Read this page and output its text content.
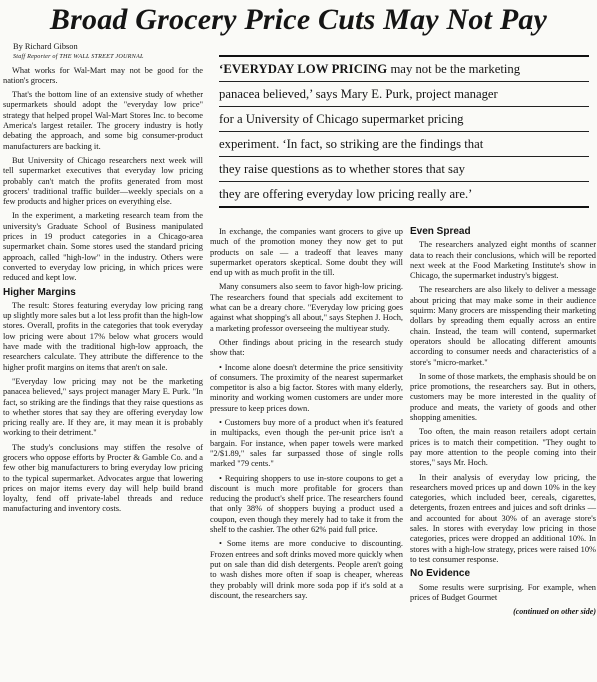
Broad Grocery Price Cuts May Not Pay
By Richard Gibson
Staff Reporter of THE WALL STREET JOURNAL

What works for Wal-Mart may not be good for the nation's grocers.

That's the bottom line of an extensive study of whether supermarkets should adopt the "everyday low price" strategy that helped propel Wal-Mart Stores Inc. to become America's largest retailer. The grocery industry is hotly debating the approach, and some big consumer-product manufacturers are backing it.

But University of Chicago researchers next week will tell supermarket executives that everyday low pricing probably can't match the profits generated from most grocers' traditional traffic builder—weekly specials on a few products and higher prices on everything else.

In the experiment, a marketing research team from the university's Graduate School of Business manipulated prices in 19 product categories in a Chicago-area supermarket chain. Some stores used the standard pricing approach, called "high-low" in the industry. Others were converted to everyday low pricing, in which prices were reduced and kept low.

Higher Margins

The result: Stores featuring everyday low pricing rang up slightly more sales but a lot less profit than the high-low stores. Overall, profits in the categories that took everyday low pricing were about 17% below what grocers would have made with the traditional high-low approach, the researchers calculate. They attribute the difference to the higher profit margins on items that aren't on sale.

"Everyday low pricing may not be the marketing panacea believed," says project manager Mary E. Purk. "In fact, so striking are the findings that they raise questions as to whether stores that say they are offering everyday low pricing really are. If they are, it may mean it is probably working to their detriment."

The study's conclusions may stiffen the resolve of grocers who oppose efforts by Procter & Gamble Co. and a few other big manufacturers to bring everyday low pricing to the typical supermarket. Advocates argue that lowering prices on major items every day will help build brand loyalty, fend off private-label threads and reduce manufacturing and inventory costs.

‘EVERYDAY LOW PRICING may not be the marketing
panacea believed,’ says Mary E. Purk, project manager
for a University of Chicago supermarket pricing
experiment. ‘In fact, so striking are the findings that
they raise questions as to whether stores that say
they are offering everyday low pricing really are.’

In exchange, the companies want grocers to give up much of the promotion money they now get to put products on sale — a tradeoff that leaves many supermarket operators skeptical. Some doubt they will end up with as much profit in the till.

Many consumers also seem to favor high-low pricing. The researchers found that specials add excitement to what can be a dreary chore. "Everyday low pricing goes against what shopping's all about," says Stephen J. Hoch, a marketing professor overseeing the multiyear study.

Other findings about pricing in the research study show that:

• Income alone doesn't determine the price sensitivity of consumers. The proximity of the nearest supermarket competitor is also a big factor. Stores with many elderly, minority and working women customers are under more pressure to keep prices down.

• Customers buy more of a product when it's featured in multipacks, even though the per-unit price isn't a bargain. For instance, when paper towels were marked "2/$1.89," sales far surpassed those of single rolls marked "79 cents."

• Requiring shoppers to use in-store coupons to get a discount is much more profitable for grocers than reducing the product's shelf price. The researchers found that only 38% of shoppers buying a product used a coupon, even though they merely had to take it from the shelf to the cashier. The other 62% paid full price.

• Some items are more conducive to discounting. Frozen entrees and soft drinks moved more quickly when put on sale than did dish detergents. People aren't going to wash dishes more often if soap is cheaper, whereas they probably will drink more soda pop if it's sold at a discount, the researchers say.

Even Spread

The researchers analyzed eight months of scanner data to reach their conclusions, which will be reported next week at the Food Marketing Institute's show in Chicago, the supermarket industry's biggest.

The researchers are also likely to deliver a message about pricing that may make some in their audience squirm: Many grocers are misspending their marketing dollars by spreading them equally across an entire chain. Instead, the team will contend, supermarket operators should be allocating different amounts according to consumer needs and characteristics of a store's "micro-market."

In some of those markets, the emphasis should be on price promotions, the researchers say. But in others, customers may be more interested in the quality of produce and meats, the variety of goods and other shopping amenities.

Too often, the main reason retailers adopt certain prices is to match their competition. "They ought to pay more attention to the people coming into their stores," says Mr. Hoch.

In their analysis of everyday low pricing, the researchers moved prices up and down 10% in the key categories, which included beer, cereals, cigarettes, detergents, frozen entrees and juices and soft drinks — and accounted for about 30% of an average store's sales. In stores with everyday low pricing in those categories, prices were dropped an additional 10%. In stores with a high-low strategy, prices were raised 10% to test consumer response.

No Evidence

Some results were surprising. For example, when prices of Budget Gourmet

(continued on other side)
